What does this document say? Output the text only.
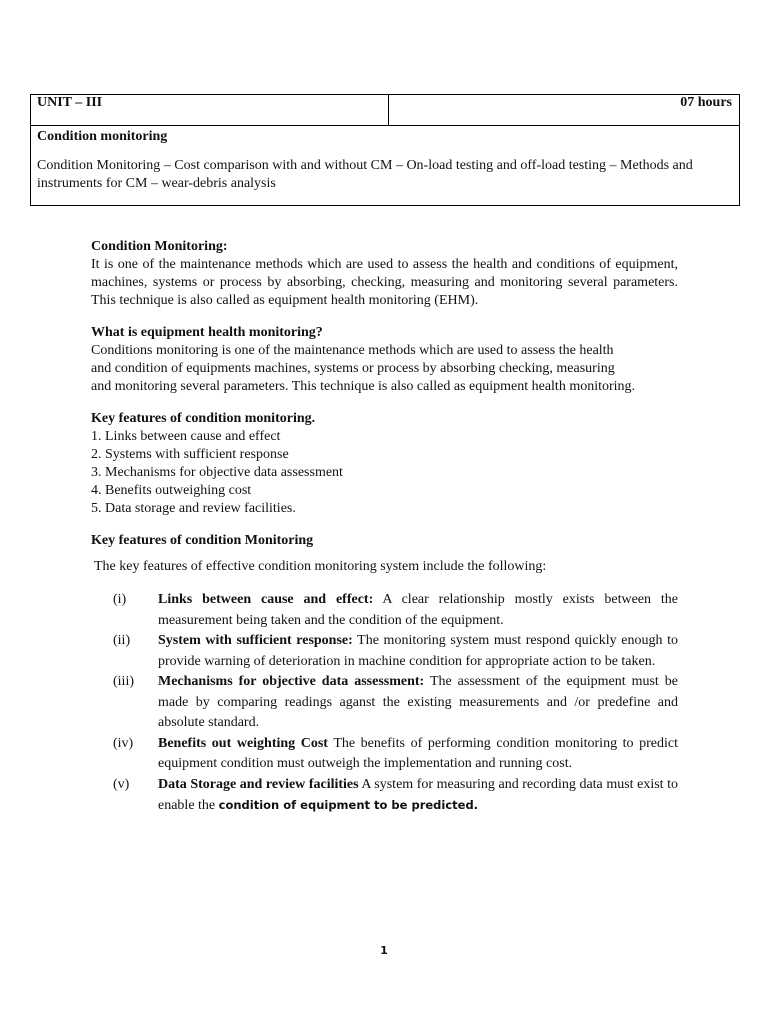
UNIT – III	07 hours
Condition monitoring
Condition Monitoring – Cost comparison with and without CM – On-load testing and off-load testing – Methods and instruments for CM – wear-debris analysis
Condition Monitoring:
It is one of the maintenance methods which are used to assess the health and conditions of equipment, machines, systems or process by absorbing, checking, measuring and monitoring several parameters. This technique is also called as equipment health monitoring (EHM).
What is equipment health monitoring?
Conditions monitoring is one of the maintenance methods which are used to assess the health
and condition of equipments machines, systems or process by absorbing checking, measuring
and monitoring several parameters. This technique is also called as equipment health monitoring.
Key features of condition monitoring.
1. Links between cause and effect
2. Systems with sufficient response
3. Mechanisms for objective data assessment
4. Benefits outweighing cost
5. Data storage and review facilities.
Key features of condition Monitoring
The key features of effective condition monitoring system include the following:
(i)	Links between cause and effect: A clear relationship mostly exists between the measurement being taken and the condition of the equipment.
(ii)	System with sufficient response: The monitoring system must respond quickly enough to provide warning of deterioration in machine condition for appropriate action to be taken.
(iii)	Mechanisms for objective data assessment: The assessment of the equipment must be made by comparing readings aganst the existing measurements and /or predefine and absolute standard.
(iv)	Benefits out weighting Cost The benefits of performing condition monitoring to predict equipment condition must outweigh the implementation and running cost.
(v)	Data Storage and review facilities A system for measuring and recording data must exist to enable the condition of equipment to be predicted.
1
